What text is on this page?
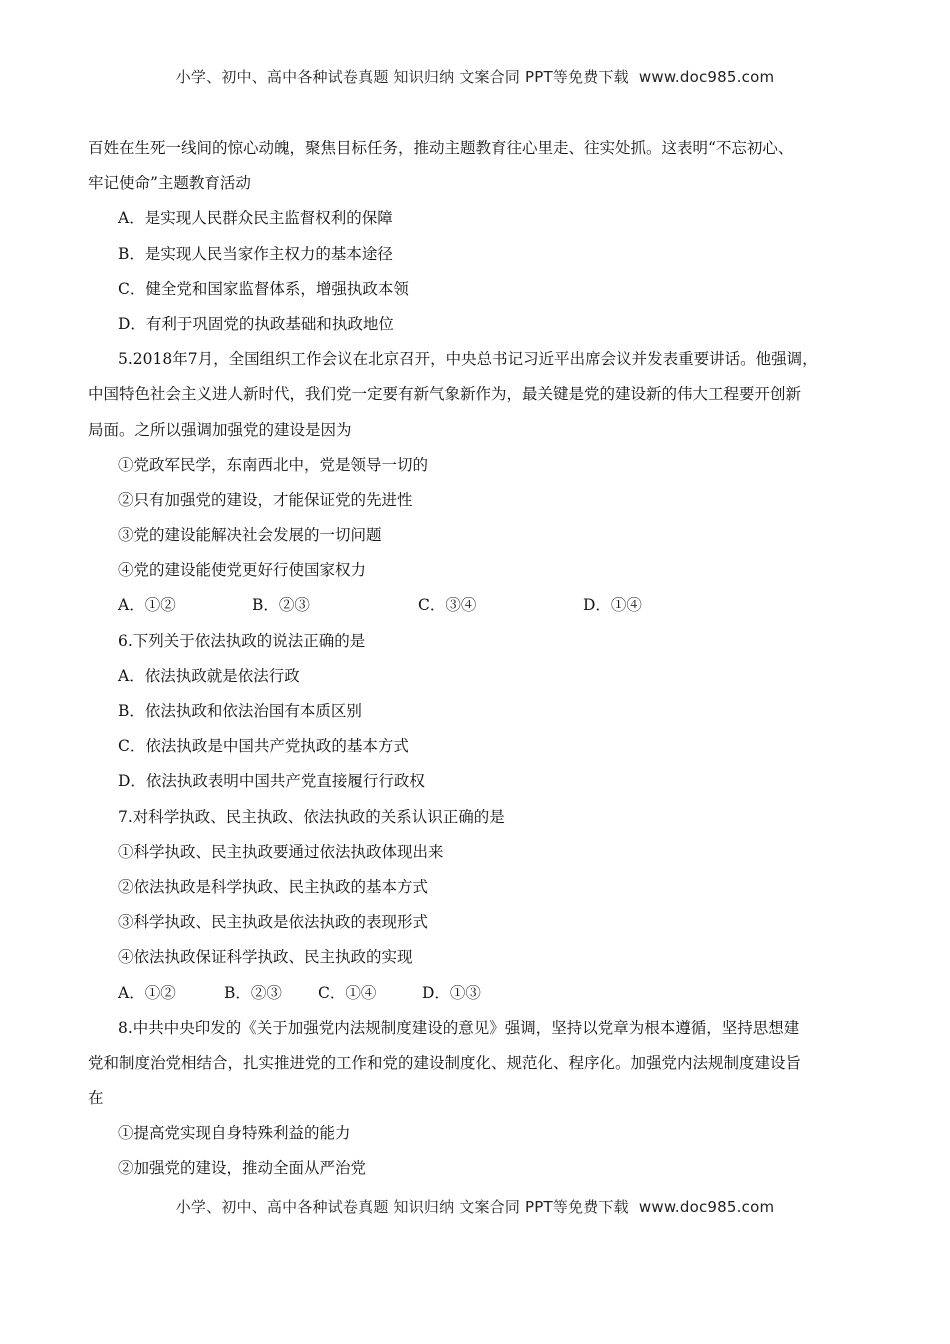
小学、初中、高中各种试卷真题 知识归纳 文案合同 PPT等免费下载 www.doc985.com
百姓在生死一线间的惊心动魄，聚焦目标任务，推动主题教育往心里走、往实处抓。这表明“不忘初心、
牢记使命”主题教育活动
A．是实现人民群众民主监督权利的保障
B．是实现人民当家作主权力的基本途径
C．健全党和国家监督体系，增强执政本领
D．有利于巩固党的执政基础和执政地位
5.2018年7月，全国组织工作会议在北京召开，中央总书记习近平出席会议并发表重要讲话。他强调，
中国特色社会主义进人新时代，我们党一定要有新气象新作为，最关键是党的建设新的伟大工程要开创新
局面。之所以强调加强党的建设是因为
①党政军民学，东南西北中，党是领导一切的
②只有加强党的建设，才能保证党的先进性
③党的建设能解决社会发展的一切问题
④党的建设能使党更好行使国家权力
A．①②	B．②③	C．③④	D．①④
6.下列关于依法执政的说法正确的是
A．依法执政就是依法行政
B．依法执政和依法治国有本质区别
C．依法执政是中国共产党执政的基本方式
D．依法执政表明中国共产党直接履行行政权
7.对科学执政、民主执政、依法执政的关系认识正确的是
①科学执政、民主执政要通过依法执政体现出来
②依法执政是科学执政、民主执政的基本方式
③科学执政、民主执政是依法执政的表现形式
④依法执政保证科学执政、民主执政的实现
A．①②	B．②③	C．①④	D．①③
8.中共中央印发的《关于加强党内法规制度建设的意见》强调，坚持以党章为根本遵循，坚持思想建
党和制度治党相结合，扎实推进党的工作和党的建设制度化、规范化、程序化。加强党内法规制度建设旨
在
①提高党实现自身特殊利益的能力
②加强党的建设，推动全面从严治党
小学、初中、高中各种试卷真题 知识归纳 文案合同 PPT等免费下载 www.doc985.com
